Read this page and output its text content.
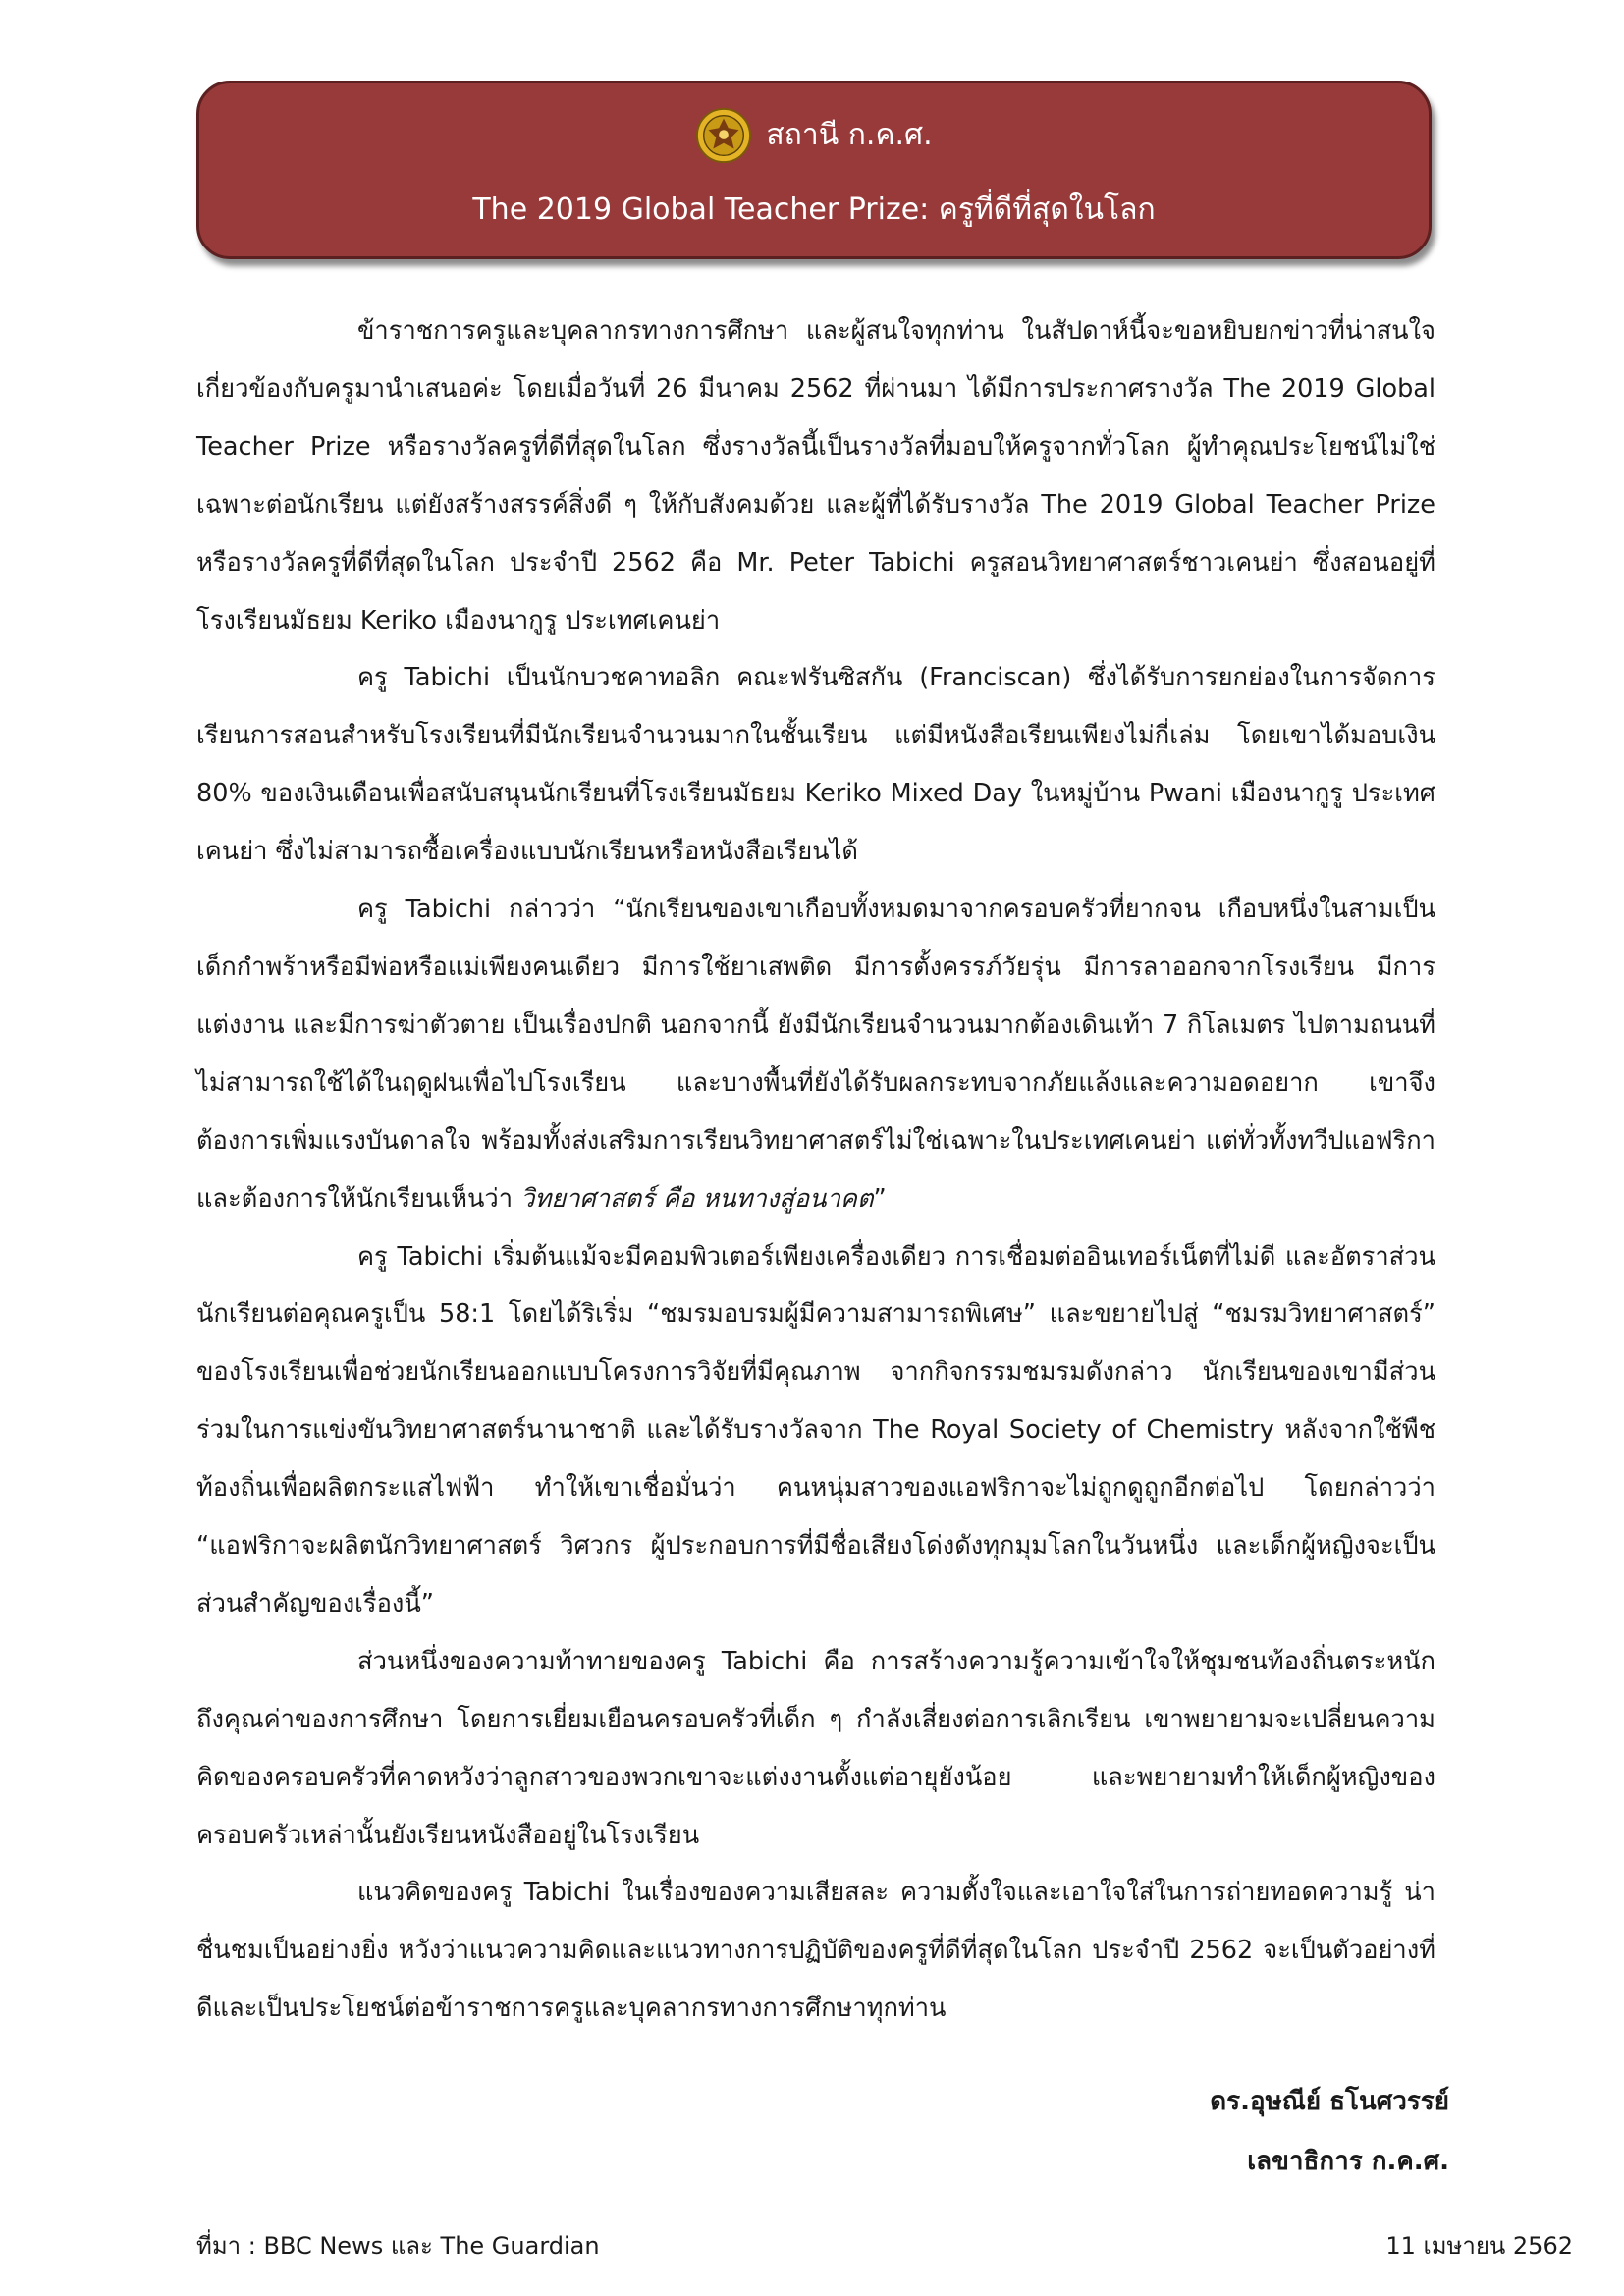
สถานี ก.ค.ศ.
The 2019 Global Teacher Prize: ครูที่ดีที่สุดในโลก

ข้าราชการครูและบุคลากรทางการศึกษา และผู้สนใจทุกท่าน ในสัปดาห์นี้จะขอหยิบยกข่าวที่น่าสนใจเกี่ยวข้องกับครูมานำเสนอค่ะ โดยเมื่อวันที่ 26 มีนาคม 2562 ที่ผ่านมา ได้มีการประกาศรางวัล The 2019 Global Teacher Prize หรือรางวัลครูที่ดีที่สุดในโลก ซึ่งรางวัลนี้เป็นรางวัลที่มอบให้ครูจากทั่วโลก ผู้ทำคุณประโยชน์ไม่ใช่เฉพาะต่อนักเรียน แต่ยังสร้างสรรค์สิ่งดี ๆ ให้กับสังคมด้วย และผู้ที่ได้รับรางวัล The 2019 Global Teacher Prize หรือรางวัลครูที่ดีที่สุดในโลก ประจำปี 2562 คือ Mr. Peter Tabichi ครูสอนวิทยาศาสตร์ชาวเคนย่า ซึ่งสอนอยู่ที่โรงเรียนมัธยม Keriko เมืองนากูรู ประเทศเคนย่า

ครู Tabichi เป็นนักบวชคาทอลิก คณะฟรันซิสกัน (Franciscan) ซึ่งได้รับการยกย่องในการจัดการเรียนการสอนสำหรับโรงเรียนที่มีนักเรียนจำนวนมากในชั้นเรียน แต่มีหนังสือเรียนเพียงไม่กี่เล่ม โดยเขาได้มอบเงิน 80% ของเงินเดือนเพื่อสนับสนุนนักเรียนที่โรงเรียนมัธยม Keriko Mixed Day ในหมู่บ้าน Pwani เมืองนากูรู ประเทศเคนย่า ซึ่งไม่สามารถซื้อเครื่องแบบนักเรียนหรือหนังสือเรียนได้

ครู Tabichi กล่าวว่า “นักเรียนของเขาเกือบทั้งหมดมาจากครอบครัวที่ยากจน เกือบหนึ่งในสามเป็นเด็กกำพร้าหรือมีพ่อหรือแม่เพียงคนเดียว มีการใช้ยาเสพติด มีการตั้งครรภ์วัยรุ่น มีการลาออกจากโรงเรียน มีการแต่งงาน และมีการฆ่าตัวตาย เป็นเรื่องปกติ นอกจากนี้ ยังมีนักเรียนจำนวนมากต้องเดินเท้า 7 กิโลเมตร ไปตามถนนที่ไม่สามารถใช้ได้ในฤดูฝนเพื่อไปโรงเรียน และบางพื้นที่ยังได้รับผลกระทบจากภัยแล้งและความอดอยาก เขาจึงต้องการเพิ่มแรงบันดาลใจ พร้อมทั้งส่งเสริมการเรียนวิทยาศาสตร์ไม่ใช่เฉพาะในประเทศเคนย่า แต่ทั่วทั้งทวีปแอฟริกา และต้องการให้นักเรียนเห็นว่า วิทยาศาสตร์ คือ หนทางสู่อนาคต”

ครู Tabichi เริ่มต้นแม้จะมีคอมพิวเตอร์เพียงเครื่องเดียว การเชื่อมต่ออินเทอร์เน็ตที่ไม่ดี และอัตราส่วนนักเรียนต่อคุณครูเป็น 58:1 โดยได้ริเริ่ม “ชมรมอบรมผู้มีความสามารถพิเศษ” และขยายไปสู่ “ชมรมวิทยาศาสตร์” ของโรงเรียนเพื่อช่วยนักเรียนออกแบบโครงการวิจัยที่มีคุณภาพ จากกิจกรรมชมรมดังกล่าว นักเรียนของเขามีส่วนร่วมในการแข่งขันวิทยาศาสตร์นานาชาติ และได้รับรางวัลจาก The Royal Society of Chemistry หลังจากใช้พืชท้องถิ่นเพื่อผลิตกระแสไฟฟ้า ทำให้เขาเชื่อมั่นว่า คนหนุ่มสาวของแอฟริกาจะไม่ถูกดูถูกอีกต่อไป โดยกล่าวว่า “แอฟริกาจะผลิตนักวิทยาศาสตร์ วิศวกร ผู้ประกอบการที่มีชื่อเสียงโด่งดังทุกมุมโลกในวันหนึ่ง และเด็กผู้หญิงจะเป็นส่วนสำคัญของเรื่องนี้”

ส่วนหนึ่งของความท้าทายของครู Tabichi คือ การสร้างความรู้ความเข้าใจให้ชุมชนท้องถิ่นตระหนักถึงคุณค่าของการศึกษา โดยการเยี่ยมเยือนครอบครัวที่เด็ก ๆ กำลังเสี่ยงต่อการเลิกเรียน เขาพยายามจะเปลี่ยนความคิดของครอบครัวที่คาดหวังว่าลูกสาวของพวกเขาจะแต่งงานตั้งแต่อายุยังน้อย และพยายามทำให้เด็กผู้หญิงของครอบครัวเหล่านั้นยังเรียนหนังสืออยู่ในโรงเรียน

แนวคิดของครู Tabichi ในเรื่องของความเสียสละ ความตั้งใจและเอาใจใส่ในการถ่ายทอดความรู้ น่าชื่นชมเป็นอย่างยิ่ง หวังว่าแนวความคิดและแนวทางการปฏิบัติของครูที่ดีที่สุดในโลก ประจำปี 2562 จะเป็นตัวอย่างที่ดีและเป็นประโยชน์ต่อข้าราชการครูและบุคลากรทางการศึกษาทุกท่าน

ดร.อุษณีย์ ธโนศวรรย์
เลขาธิการ ก.ค.ศ.
ที่มา : BBC News และ The Guardian	11 เมษายน 2562
